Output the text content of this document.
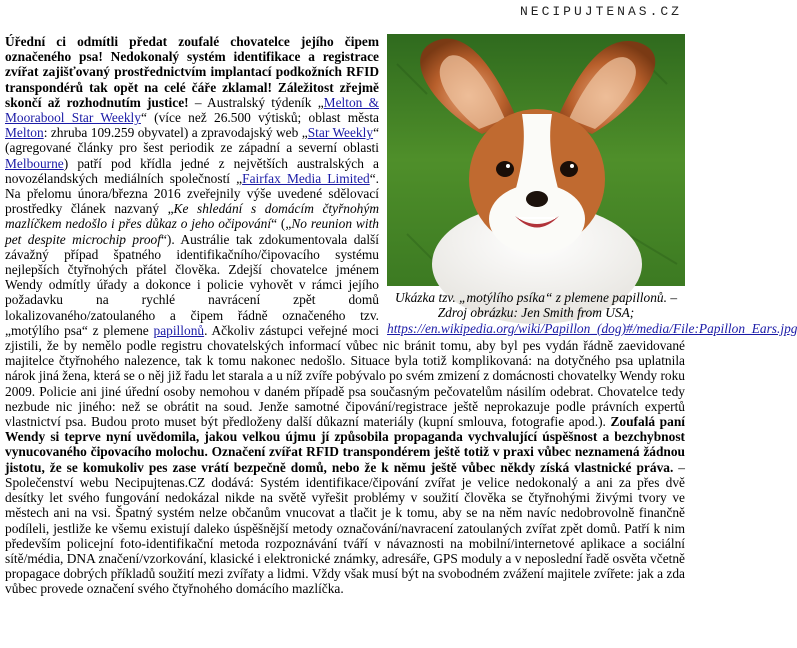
NECIPUJTENAS.CZ
Ukázka tzv. „motýlího psíka“ z plemene papillonů. –
Zdroj obrázku: Jen Smith from USA;
https://en.wikipedia.org/wiki/Papillon_(dog)#/media/File:Papillon_Ears.jpg

Úřední ci odmítli předat zoufalé chovatelce jejího čipem označeného psa! Nedokonalý systém identifikace a registrace zvířat zajišťovaný prostřednictvím implantací podkožních RFID transpondérů tak opět na celé čáře zklamal! Záležitost zřejmě skončí až rozhodnutím justice! – Australský týdeník „Melton & Moorabool Star Weekly“ (více než 26.500 výtisků; oblast města Melton: zhruba 109.259 obyvatel) a zpravodajský web „Star Weekly“ (agregované články pro šest periodik ze západní a severní oblasti Melbourne) patří pod křídla jedné z největších australských a novozélandských mediálních společností „Fairfax Media Limited“. Na přelomu února/března 2016 zveřejnily výše uvedené sdělovací prostředky článek nazvaný „Ke shledání s domácím čtyřnohým mazlíčkem nedošlo i přes důkaz o jeho očipování“ („No reunion with pet despite microchip proof“). Austrálie tak zdokumentovala další závažný případ špatného identifikačního/čipovacího systému nejlepších čtyřnohých přátel člověka. Zdejší chovatelce jménem Wendy odmítly úřady a dokonce i policie vyhovět v rámci jejího požadavku na rychlé navrácení zpět domů lokalizovaného/zatoulaného a čipem řádně označeného tzv. „motýlího psa“ z plemene papillonů. Ačkoliv zástupci veřejné moci zjistili, že by nemělo podle registru chovatelských informací vůbec nic bránit tomu, aby byl pes vydán řádně zaevidované majitelce čtyřnohého nalezence, tak k tomu nakonec nedošlo. Situace byla totiž komplikovaná: na dotyčného psa uplatnila nárok jiná žena, která se o něj již řadu let starala a u níž zvíře pobývalo po svém zmizení z domácnosti chovatelky Wendy roku 2009. Policie ani jiné úřední osoby nemohou v daném případě psa současným pečovatelům násilím odebrat. Chovatelce tedy nezbude nic jiného: než se obrátit na soud. Jenže samotné čipování/registrace ještě neprokazuje podle právních expertů vlastnictví psa. Budou proto muset být předloženy další důkazní materiály (kupní smlouva, fotografie apod.). Zoufalá paní Wendy si teprve nyní uvědomila, jakou velkou újmu jí způsobila propaganda vychvalující úspěšnost a bezchybnost vynucovaného čipovacího molochu. Označení zvířat RFID transpondérem ještě totiž v praxi vůbec neznamená žádnou jistotu, že se komukoliv pes zase vrátí bezpečně domů, nebo že k němu ještě vůbec někdy získá vlastnické práva. – Společenství webu Necipujtenas.CZ dodává: Systém identifikace/čipování zvířat je velice nedokonalý a ani za přes dvě desítky let svého fungování nedokázal nikde na světě vyřešit problémy v soužití člověka se čtyřnohými živými tvory ve městech ani na vsi. Špatný systém nelze občanům vnucovat a tlačit je k tomu, aby se na něm navíc nedobrovolně finančně podíleli, jestliže ke všemu existují daleko úspěšnější metody označování/navracení zatoulaných zvířat zpět domů. Patří k nim především policejní foto-identifikační metoda rozpoznávání tváří v návaznosti na mobilní/internetové aplikace a sociální sítě/média, DNA značení/vzorkování, klasické i elektronické známky, adresáře, GPS moduly a v neposlední řadě osvěta včetně propagace dobrých příkladů soužití mezi zvířaty a lidmi. Vždy však musí být na svobodném zvážení majitele zvířete: jak a zda vůbec provede označení svého čtyřnohého domácího mazlíčka.
